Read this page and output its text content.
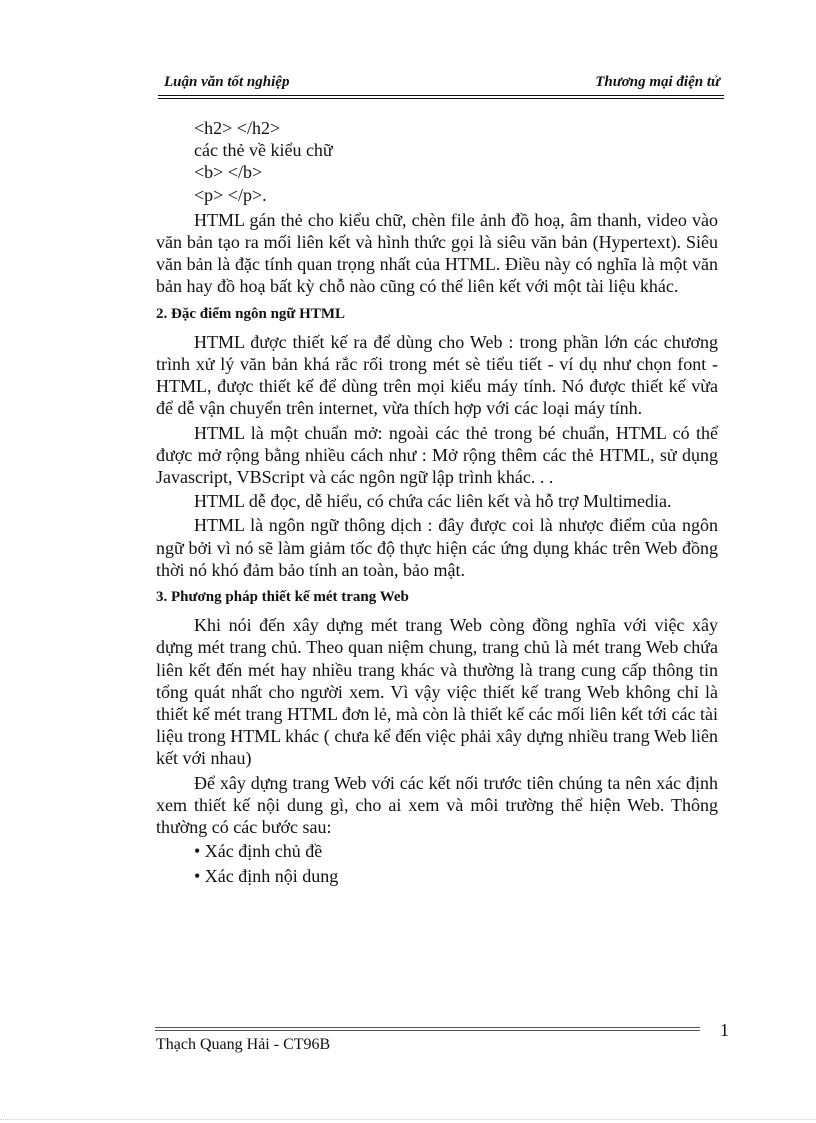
Luận văn tốt nghiệp	Thương mại điện tử

<h2> </h2>

các thẻ về kiểu chữ

<b> </b>

<p> </p>.

HTML gán thẻ cho kiểu chữ, chèn file ảnh đồ hoạ, âm thanh, video vào văn bản tạo ra mối liên kết và hình thức gọi là siêu văn bản (Hypertext). Siêu văn bản là đặc tính quan trọng nhất của HTML. Điều này có nghĩa là một văn bản hay đồ hoạ bất kỳ chỗ nào cũng có thể liên kết với một tài liệu khác.

2. Đặc điểm ngôn ngữ HTML

HTML được thiết kế ra để dùng cho Web : trong phần lớn các chương trình xử lý văn bản khá rắc rối trong mét sè tiểu tiết - ví dụ như chọn font - HTML, được thiết kế để dùng trên mọi kiểu máy tính. Nó được thiết kế vừa để dễ vận chuyển trên internet, vừa thích hợp với các loại máy tính.

HTML là một chuẩn mở: ngoài các thẻ trong bé chuẩn, HTML có thể được mở rộng bằng nhiều cách như : Mở rộng thêm các thẻ HTML, sử dụng Javascript, VBScript và các ngôn ngữ lập trình khác. . .

HTML dễ đọc, dễ hiểu, có chứa các liên kết và hỗ trợ Multimedia.

HTML là ngôn ngữ thông dịch : đây được coi là nhược điểm của ngôn ngữ bởi vì nó sẽ làm giảm tốc độ thực hiện các ứng dụng khác trên Web đồng thời nó khó đảm bảo tính an toàn, bảo mật.

3. Phương pháp thiết kế mét trang Web

Khi nói đến xây dựng mét trang Web còng đồng nghĩa với việc xây dựng mét trang chủ. Theo quan niệm chung, trang chủ là mét trang Web chứa liên kết đến mét hay nhiều trang khác và thường là trang cung cấp thông tin tổng quát nhất cho người xem. Vì vậy việc thiết kế trang Web không chỉ là thiết kế mét trang HTML đơn lẻ, mà còn là thiết kế các mối liên kết tới các tài liệu trong HTML khác ( chưa kể đến việc phải xây dựng nhiều trang Web liên kết với nhau)

Để xây dựng trang Web với các kết nối trước tiên chúng ta nên xác định xem thiết kế nội dung gì, cho ai xem và môi trường thể hiện Web. Thông thường có các bước sau:

• Xác định chủ đề

• Xác định nội dung

1
Thạch Quang Hải - CT96B
